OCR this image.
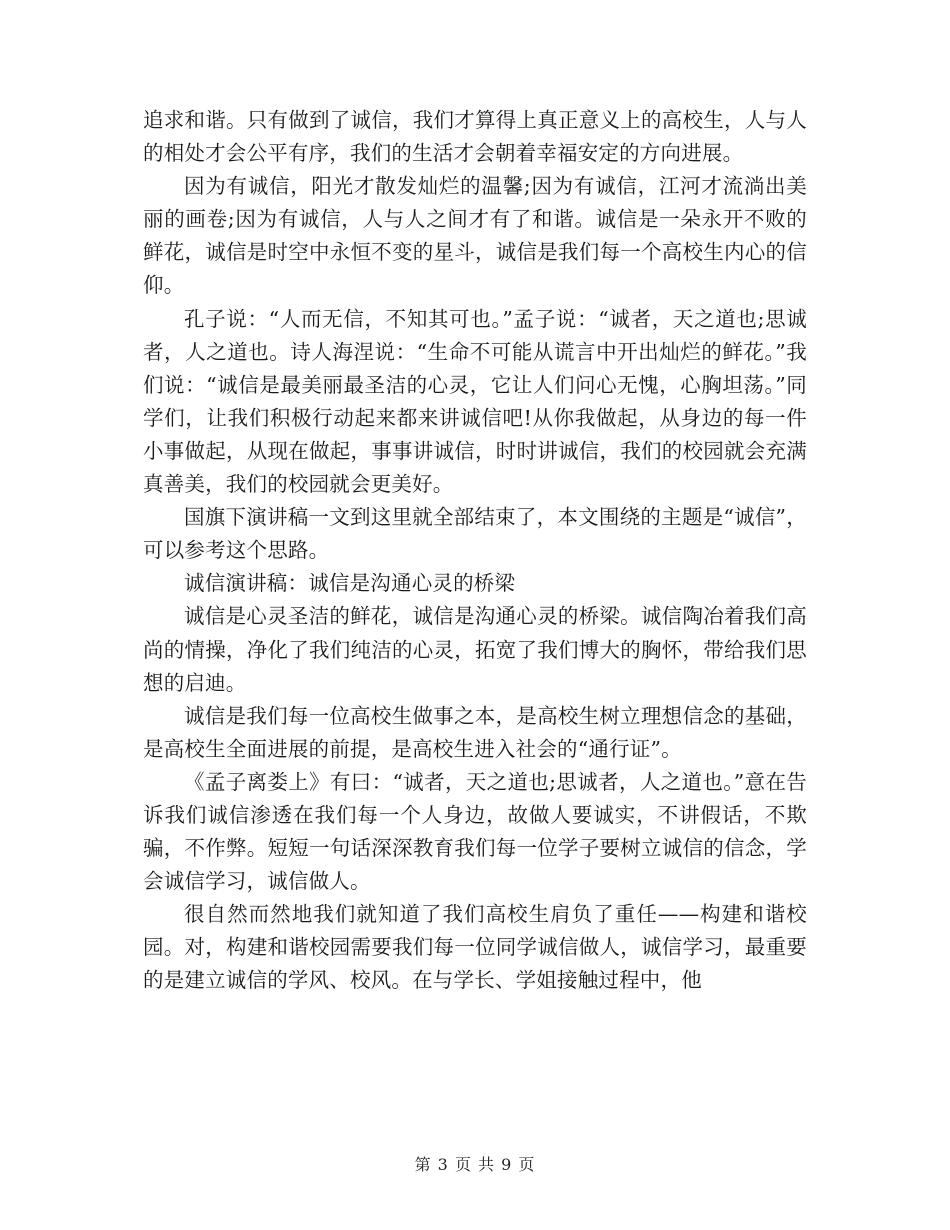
追求和谐。只有做到了诚信，我们才算得上真正意义上的高校生，人与人的相处才会公平有序，我们的生活才会朝着幸福安定的方向进展。

因为有诚信，阳光才散发灿烂的温馨;因为有诚信，江河才流淌出美丽的画卷;因为有诚信，人与人之间才有了和谐。诚信是一朵永开不败的鲜花，诚信是时空中永恒不变的星斗，诚信是我们每一个高校生内心的信仰。

孔子说：“人而无信，不知其可也。”孟子说：“诚者，天之道也;思诚者，人之道也。诗人海涅说：“生命不可能从谎言中开出灿烂的鲜花。”我们说：“诚信是最美丽最圣洁的心灵，它让人们问心无愧，心胸坦荡。”同学们，让我们积极行动起来都来讲诚信吧!从你我做起，从身边的每一件小事做起，从现在做起，事事讲诚信，时时讲诚信，我们的校园就会充满真善美，我们的校园就会更美好。

国旗下演讲稿一文到这里就全部结束了，本文围绕的主题是“诚信”，可以参考这个思路。

诚信演讲稿：诚信是沟通心灵的桥梁

诚信是心灵圣洁的鲜花，诚信是沟通心灵的桥梁。诚信陶冶着我们高尚的情操，净化了我们纯洁的心灵，拓宽了我们博大的胸怀，带给我们思想的启迪。

诚信是我们每一位高校生做事之本，是高校生树立理想信念的基础，是高校生全面进展的前提，是高校生进入社会的“通行证”。

《孟子离娄上》有曰：“诚者，天之道也;思诚者，人之道也。”意在告诉我们诚信渗透在我们每一个人身边，故做人要诚实，不讲假话，不欺骗，不作弊。短短一句话深深教育我们每一位学子要树立诚信的信念，学会诚信学习，诚信做人。

很自然而然地我们就知道了我们高校生肩负了重任——构建和谐校园。对，构建和谐校园需要我们每一位同学诚信做人，诚信学习，最重要的是建立诚信的学风、校风。在与学长、学姐接触过程中，他

第 3 页 共 9 页
